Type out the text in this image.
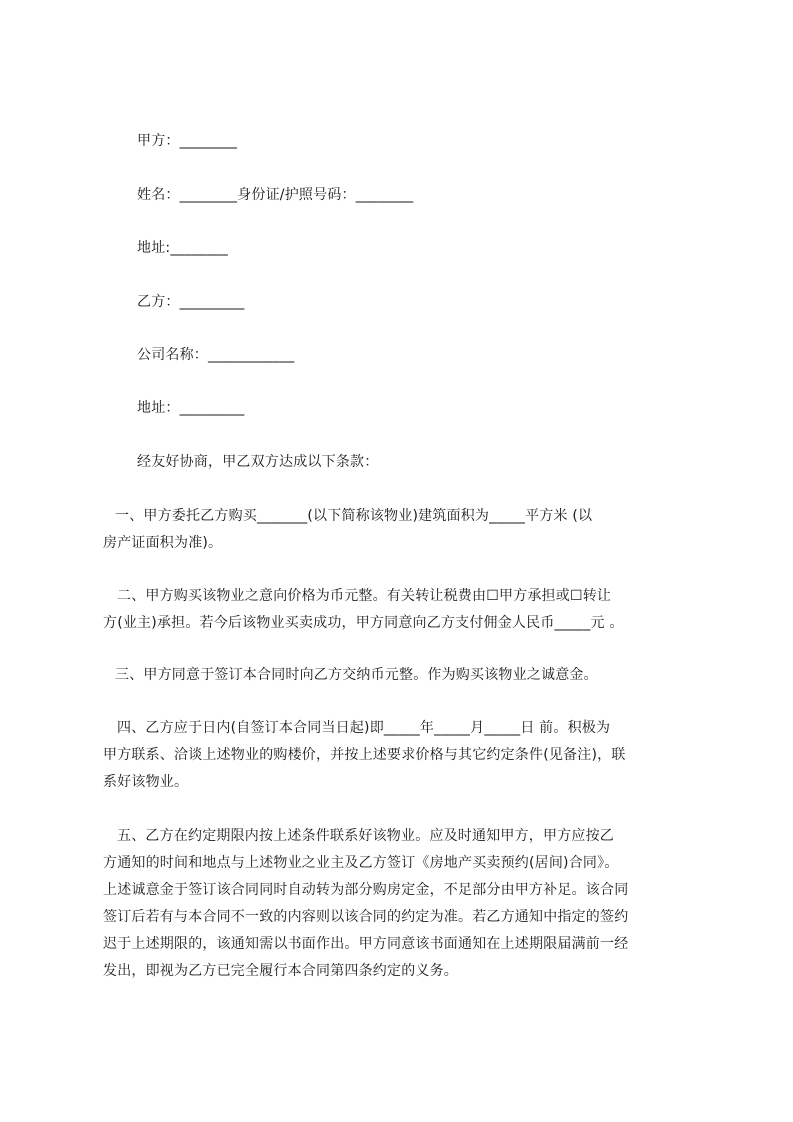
甲方：________
姓名：________身份证/护照号码：________
地址:________
乙方：_________
公司名称：____________
地址：_________
经友好协商，甲乙双方达成以下条款：
一、甲方委托乙方购买_______(以下简称该物业)建筑面积为_____平方米 (以
房产证面积为准)。
二、甲方购买该物业之意向价格为币元整。有关转让税费由☐甲方承担或☐转让
方(业主)承担。若今后该物业买卖成功，甲方同意向乙方支付佣金人民币_____元 。
三、甲方同意于签订本合同时向乙方交纳币元整。作为购买该物业之诚意金。
四、乙方应于日内(自签订本合同当日起)即_____年_____月_____日 前。积极为
甲方联系、洽谈上述物业的购楼价，并按上述要求价格与其它约定条件(见备注)，联
系好该物业。
五、乙方在约定期限内按上述条件联系好该物业。应及时通知甲方，甲方应按乙
方通知的时间和地点与上述物业之业主及乙方签订《房地产买卖预约(居间)合同》。
上述诚意金于签订该合同同时自动转为部分购房定金，不足部分由甲方补足。该合同
签订后若有与本合同不一致的内容则以该合同的约定为准。若乙方通知中指定的签约
迟于上述期限的，该通知需以书面作出。甲方同意该书面通知在上述期限届满前一经
发出，即视为乙方已完全履行本合同第四条约定的义务。
